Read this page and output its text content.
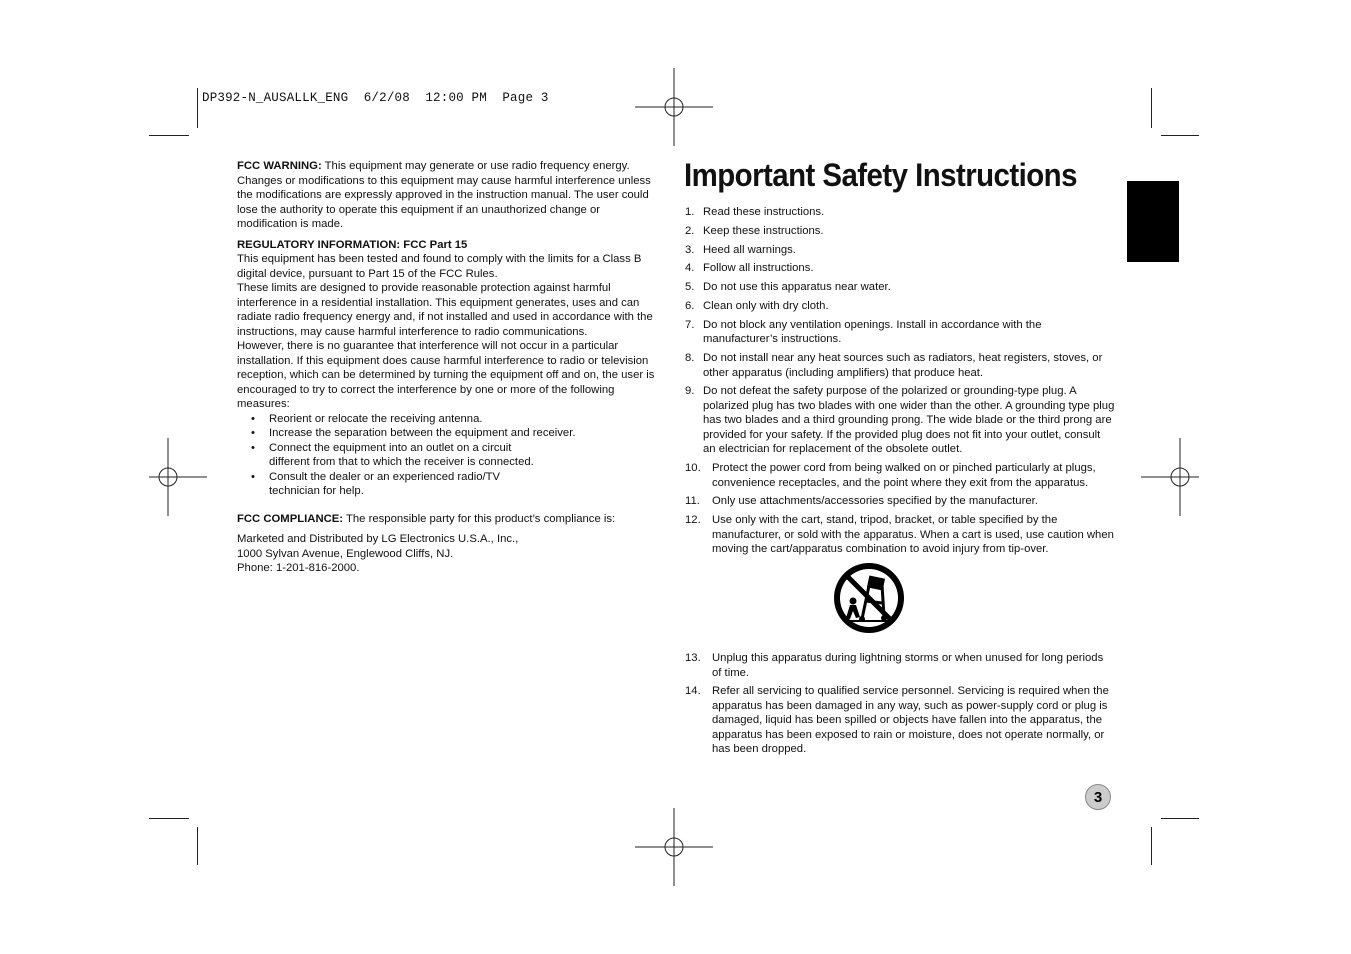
DP392-N_AUSALLK_ENG  6/2/08  12:00 PM  Page 3

FCC WARNING: This equipment may generate or use radio frequency energy. Changes or modifications to this equipment may cause harmful interference unless the modifications are expressly approved in the instruction manual. The user could lose the authority to operate this equipment if an unauthorized change or modification is made.

REGULATORY INFORMATION: FCC Part 15

This equipment has been tested and found to comply with the limits for a Class B digital device, pursuant to Part 15 of the FCC Rules.

These limits are designed to provide reasonable protection against harmful interference in a residential installation. This equipment generates, uses and can radiate radio frequency energy and, if not installed and used in accordance with the instructions, may cause harmful interference to radio communications.

However, there is no guarantee that interference will not occur in a particular installation. If this equipment does cause harmful interference to radio or television reception, which can be determined by turning the equipment off and on, the user is encouraged to try to correct the interference by one or more of the following measures:

• Reorient or relocate the receiving antenna.
• Increase the separation between the equipment and receiver.
• Connect the equipment into an outlet on a circuit different from that to which the receiver is connected.
• Consult the dealer or an experienced radio/TV technician for help.

FCC COMPLIANCE: The responsible party for this product’s compliance is:

Marketed and Distributed by LG Electronics U.S.A., Inc.,

1000 Sylvan Avenue, Englewood Cliffs, NJ.

Phone: 1-201-816-2000.

Important Safety Instructions
1. Read these instructions.
2. Keep these instructions.
3. Heed all warnings.
4. Follow all instructions.
5. Do not use this apparatus near water.
6. Clean only with dry cloth.
7. Do not block any ventilation openings. Install in accordance with the manufacturer’s instructions.
8. Do not install near any heat sources such as radiators, heat registers, stoves, or other apparatus (including amplifiers) that produce heat.
9. Do not defeat the safety purpose of the polarized or grounding-type plug. A polarized plug has two blades with one wider than the other. A grounding type plug has two blades and a third grounding prong. The wide blade or the third prong are provided for your safety. If the provided plug does not fit into your outlet, consult an electrician for replacement of the obsolete outlet.
10. Protect the power cord from being walked on or pinched particularly at plugs, convenience receptacles, and the point where they exit from the apparatus.
11.	Only use attachments/accessories specified by the manufacturer.
12. Use only with the cart, stand, tripod, bracket, or table specified by the manufacturer, or sold with the apparatus. When a cart is used, use caution when moving the cart/apparatus combination to avoid injury from tip-over.
13. Unplug this apparatus during lightning storms or when unused for long periods of time.
14. Refer all servicing to qualified service personnel. Servicing is required when the apparatus has been damaged in any way, such as power-supply cord or plug is damaged, liquid has been spilled or objects have fallen into the apparatus, the apparatus has been exposed to rain or moisture, does not operate normally, or has been dropped.
3
